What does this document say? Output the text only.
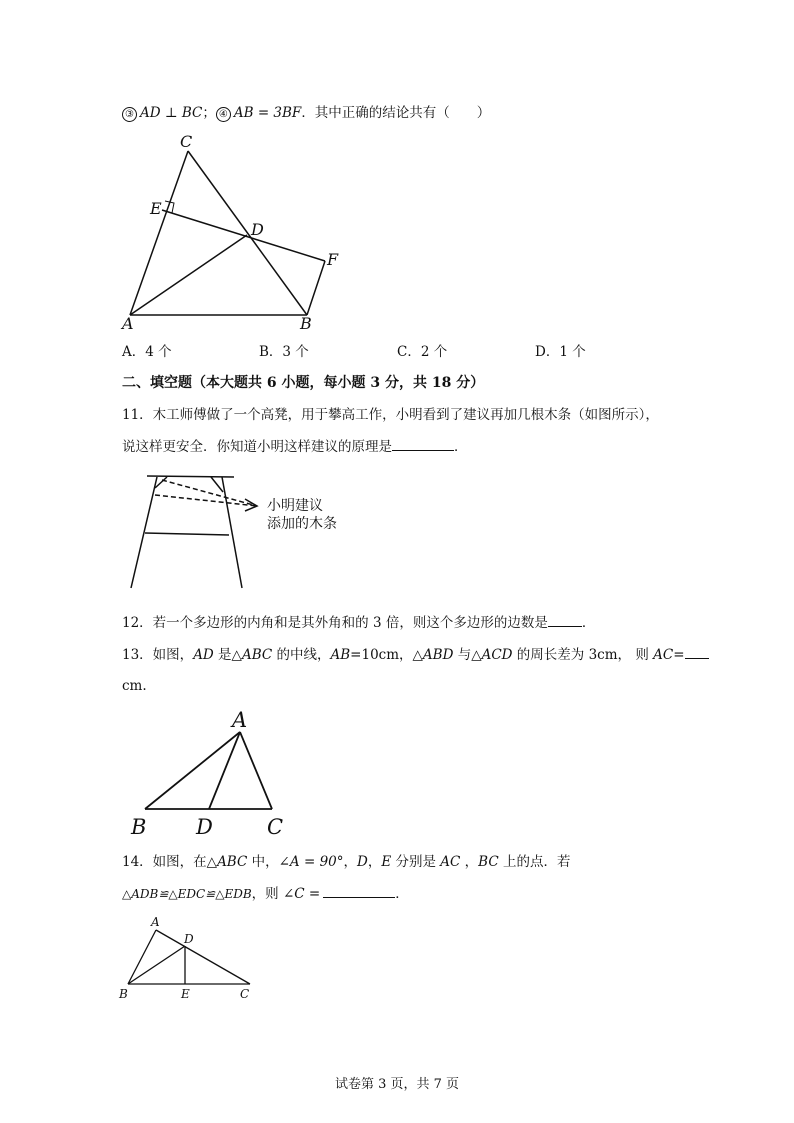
③ AD ⊥ BC； ④ AB = 3BF．其中正确的结论共有（　　）
C
E
D
F
A	B
A．4 个	B．3 个	C．2 个	D．1 个
二、填空题（本大题共 6 小题，每小题 3 分，共 18 分）
11．木工师傅做了一个高凳，用于攀高工作，小明看到了建议再加几根木条（如图所示），
说这样更安全．你知道小明这样建议的原理是	．
小明建议
添加的木条
12．若一个多边形的内角和是其外角和的 3 倍，则这个多边形的边数是	．
13．如图，AD 是△ABC 的中线，AB=10cm，△ABD 与△ACD 的周长差为 3cm， 则 AC=
cm.
A
B D	C
14．如图，在△ABC 中，∠A = 90°，D，E 分别是 AC ，BC 上的点．若
△ADB≌△EDC≌△EDB，则 ∠C =	．
A
D
B	E	C
试卷第 3 页，共 7 页
